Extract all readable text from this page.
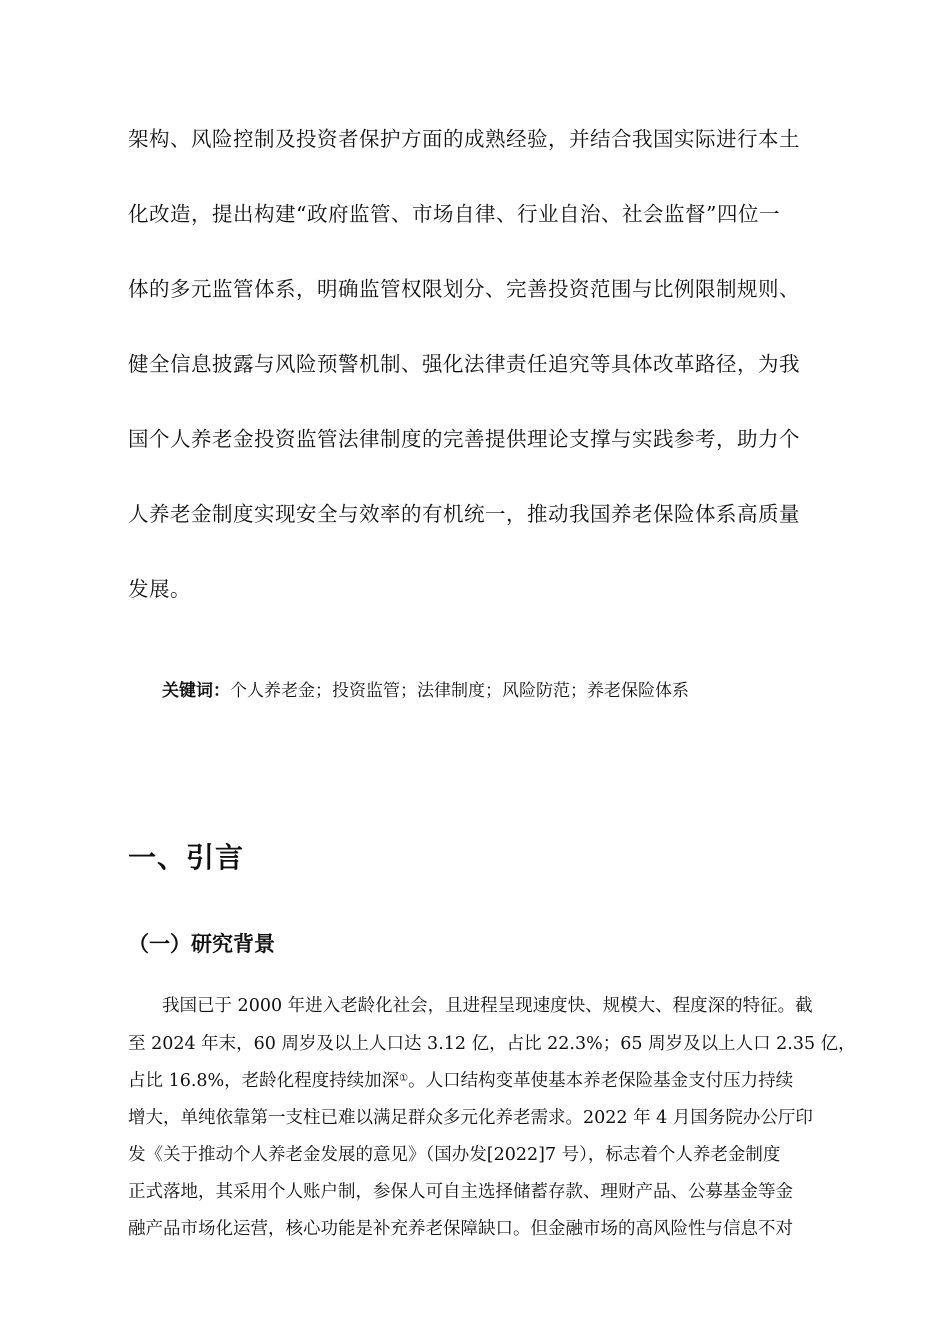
架构、风险控制及投资者保护方面的成熟经验，并结合我国实际进行本土
化改造，提出构建“政府监管、市场自律、行业自治、社会监督”四位一
体的多元监管体系，明确监管权限划分、完善投资范围与比例限制规则、
健全信息披露与风险预警机制、强化法律责任追究等具体改革路径，为我
国个人养老金投资监管法律制度的完善提供理论支撑与实践参考，助力个
人养老金制度实现安全与效率的有机统一，推动我国养老保险体系高质量
发展。
关键词：个人养老金；投资监管；法律制度；风险防范；养老保险体系
一、引言
（一）研究背景
我国已于 2000 年进入老龄化社会，且进程呈现速度快、规模大、程度深的特征。截
至 2024 年末，60 周岁及以上人口达 3.12 亿，占比 22.3%；65 周岁及以上人口 2.35 亿，
占比 16.8%，老龄化程度持续加深①。人口结构变革使基本养老保险基金支付压力持续
增大，单纯依靠第一支柱已难以满足群众多元化养老需求。2022 年 4 月国务院办公厅印
发《关于推动个人养老金发展的意见》（国办发[2022]7 号），标志着个人养老金制度
正式落地，其采用个人账户制，参保人可自主选择储蓄存款、理财产品、公募基金等金
融产品市场化运营，核心功能是补充养老保障缺口。但金融市场的高风险性与信息不对
